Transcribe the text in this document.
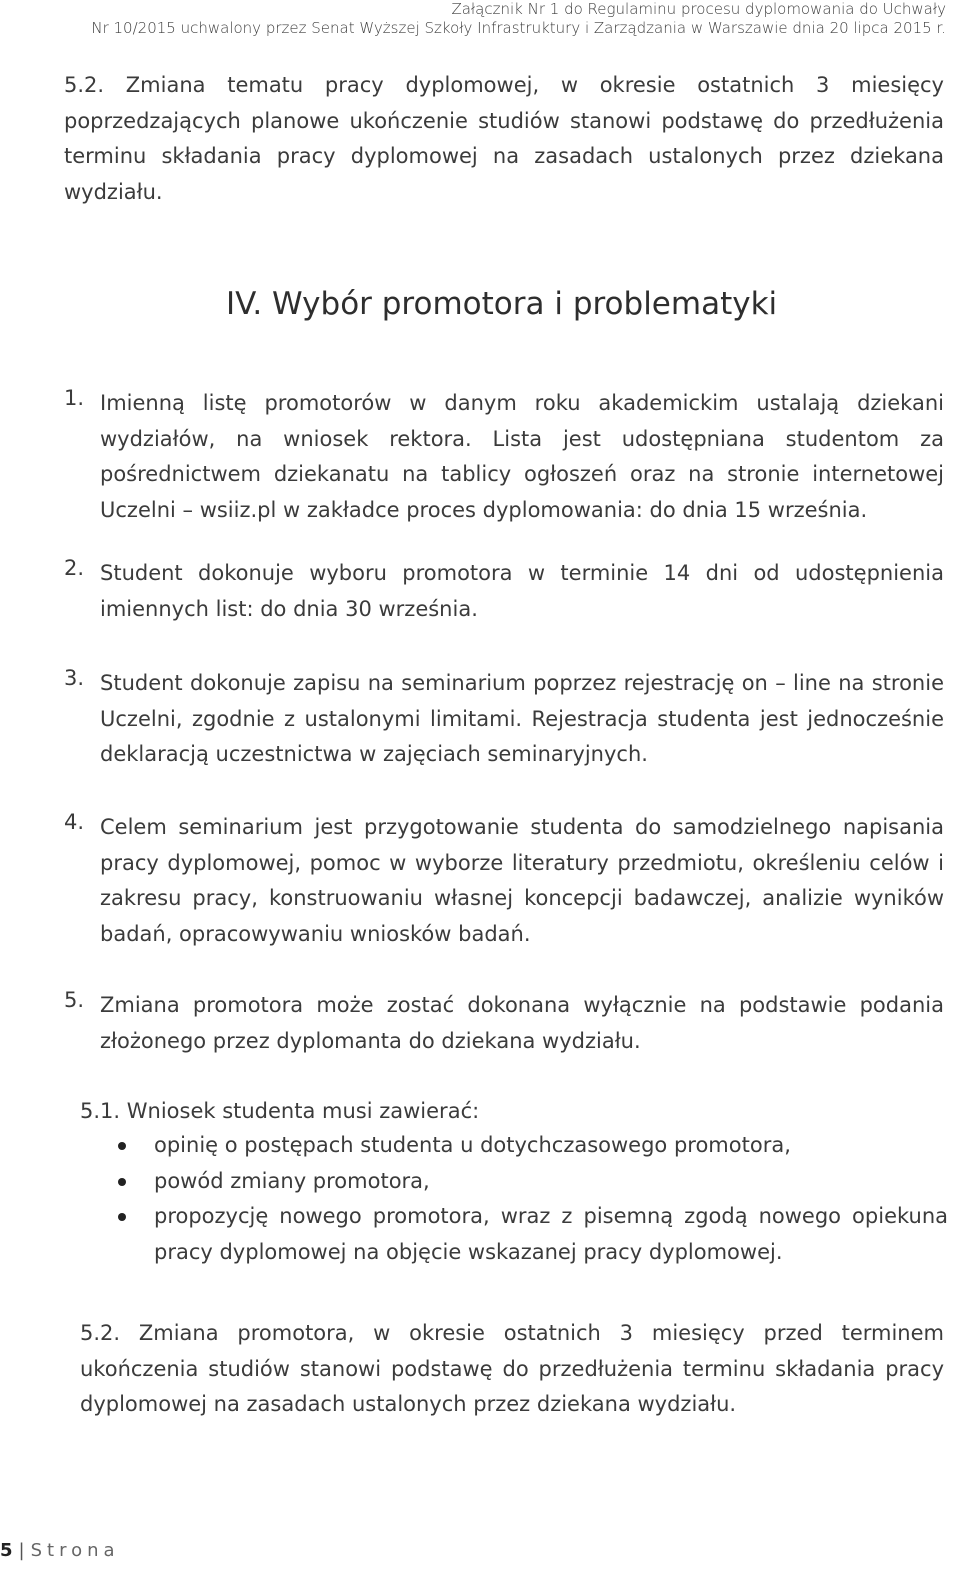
Załącznik Nr 1 do Regulaminu procesu dyplomowania do Uchwały
Nr 10/2015 uchwalony przez Senat Wyższej Szkoły Infrastruktury i Zarządzania w Warszawie dnia 20 lipca 2015 r.
5.2. Zmiana tematu pracy dyplomowej, w okresie ostatnich 3 miesięcy poprzedzających planowe ukończenie studiów stanowi podstawę do przedłużenia terminu składania pracy dyplomowej na zasadach ustalonych przez dziekana wydziału.
IV. Wybór promotora i problematyki
1. Imienną listę promotorów w danym roku akademickim ustalają dziekani wydziałów, na wniosek rektora. Lista jest udostępniana studentom za pośrednictwem dziekanatu na tablicy ogłoszeń oraz na stronie internetowej Uczelni – wsiiz.pl w zakładce proces dyplomowania: do dnia 15 września.
2. Student dokonuje wyboru promotora w terminie 14 dni od udostępnienia imiennych list: do dnia 30 września.
3. Student dokonuje zapisu na seminarium poprzez rejestrację on – line na stronie Uczelni, zgodnie z ustalonymi limitami. Rejestracja studenta jest jednocześnie deklaracją uczestnictwa w zajęciach seminaryjnych.
4. Celem seminarium jest przygotowanie studenta do samodzielnego napisania pracy dyplomowej, pomoc w wyborze literatury przedmiotu, określeniu celów i zakresu pracy, konstruowaniu własnej koncepcji badawczej, analizie wyników badań, opracowywaniu wniosków badań.
5. Zmiana promotora może zostać dokonana wyłącznie na podstawie podania złożonego przez dyplomanta do dziekana wydziału.
5.1. Wniosek studenta musi zawierać:
opinię o postępach studenta u dotychczasowego promotora,
powód zmiany promotora,
propozycję nowego promotora, wraz z pisemną zgodą nowego opiekuna pracy dyplomowej na objęcie wskazanej pracy dyplomowej.
5.2. Zmiana promotora, w okresie ostatnich 3 miesięcy przed terminem ukończenia studiów stanowi podstawę do przedłużenia terminu składania pracy dyplomowej na zasadach ustalonych przez dziekana wydziału.
5 | Strona
